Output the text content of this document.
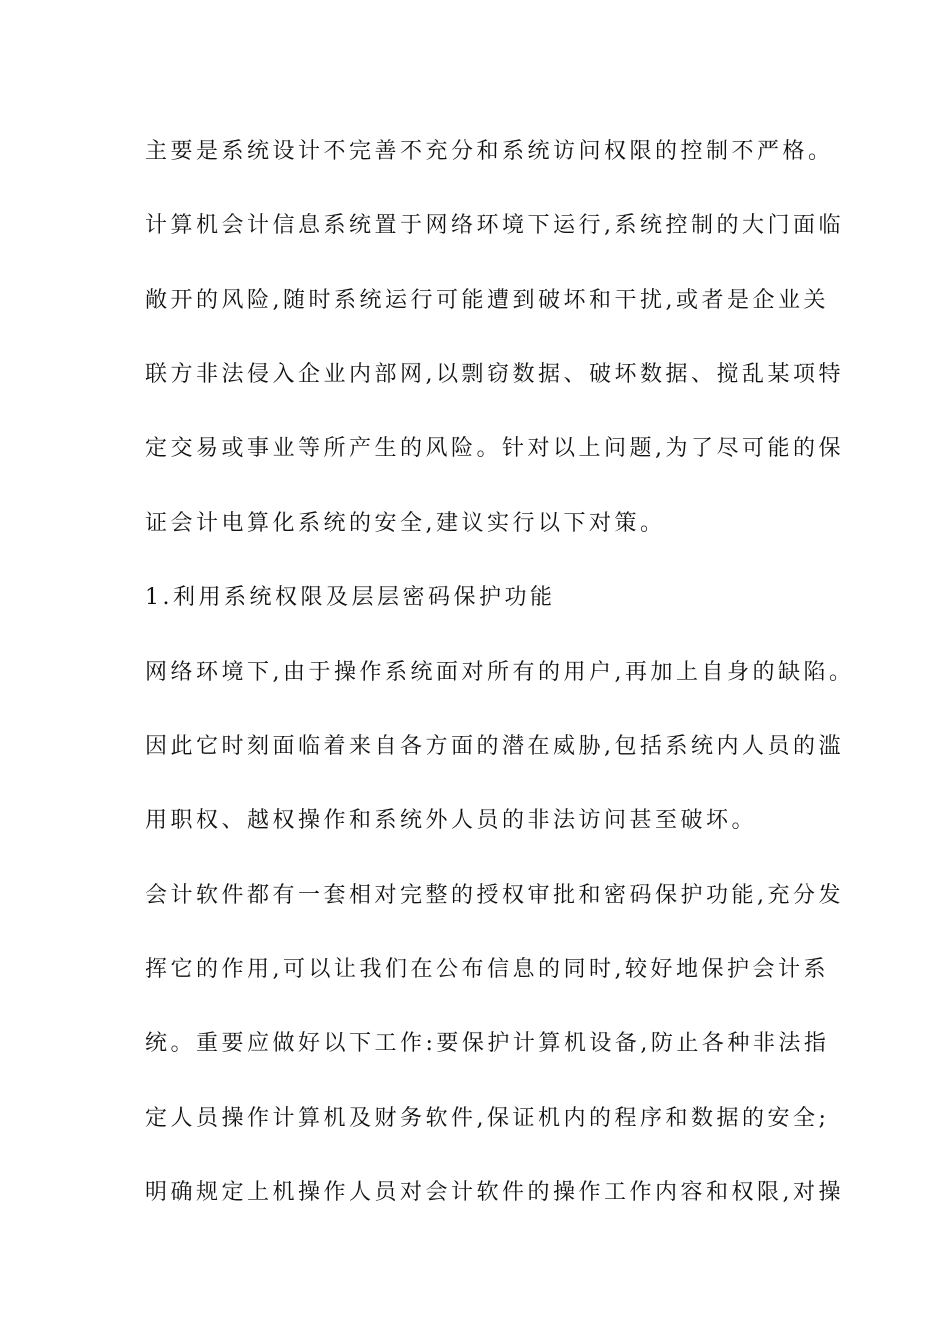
主要是系统设计不完善不充分和系统访问权限的控制不严格。
计算机会计信息系统置于网络环境下运行,系统控制的大门面临
敞开的风险,随时系统运行可能遭到破坏和干扰,或者是企业关
联方非法侵入企业内部网,以剽窃数据、破坏数据、搅乱某项特
定交易或事业等所产生的风险。针对以上问题,为了尽可能的保
证会计电算化系统的安全,建议实行以下对策。
1.利用系统权限及层层密码保护功能
网络环境下,由于操作系统面对所有的用户,再加上自身的缺陷。
因此它时刻面临着来自各方面的潜在威胁,包括系统内人员的滥
用职权、越权操作和系统外人员的非法访问甚至破坏。
会计软件都有一套相对完整的授权审批和密码保护功能,充分发
挥它的作用,可以让我们在公布信息的同时,较好地保护会计系
统。重要应做好以下工作:要保护计算机设备,防止各种非法指
定人员操作计算机及财务软件,保证机内的程序和数据的安全;
明确规定上机操作人员对会计软件的操作工作内容和权限,对操
